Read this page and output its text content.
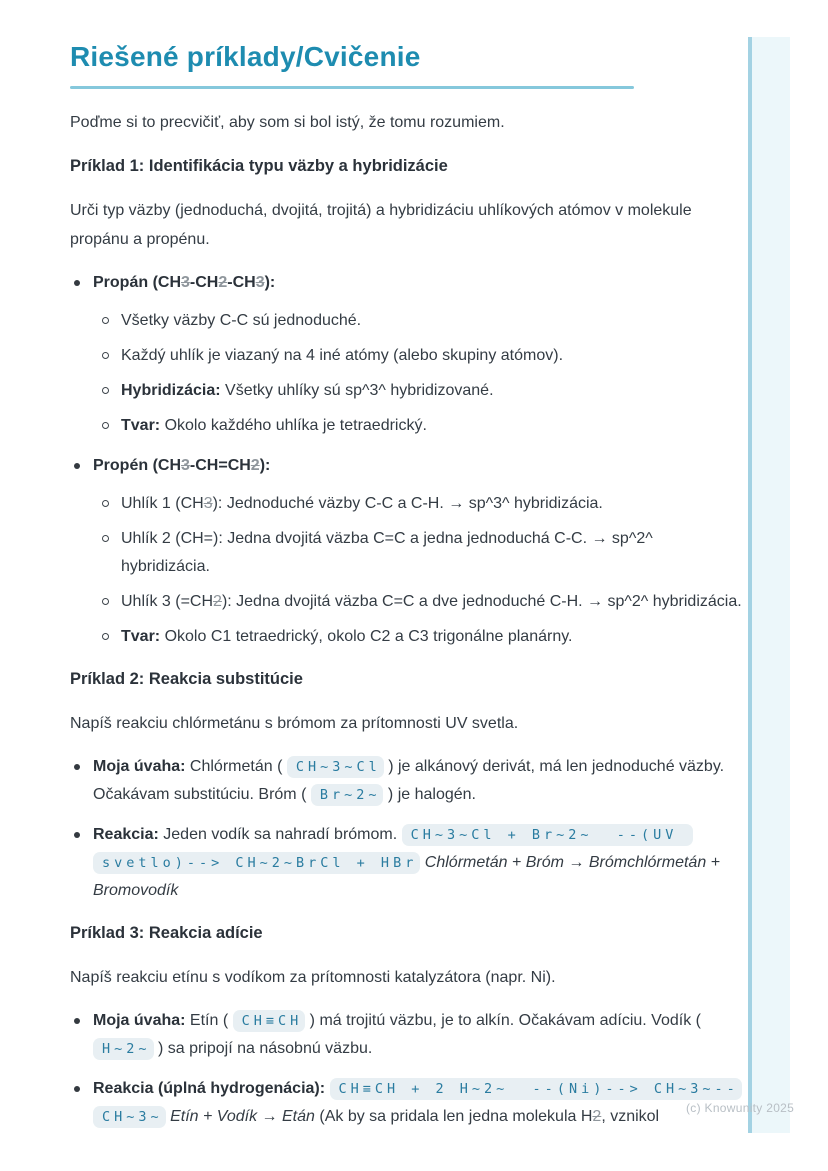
(c) Knowunity 2025
Riešené príklady/Cvičenie

Poďme si to precvičiť, aby som si bol istý, že tomu rozumiem.

Príklad 1: Identifikácia typu väzby a hybridizácie

Urči typ väzby (jednoduchá, dvojitá, trojitá) a hybridizáciu uhlíkových atómov v molekule propánu a propénu.

Propán (CH3-CH2-CH3):
Všetky väzby C-C sú jednoduché.
Každý uhlík je viazaný na 4 iné atómy (alebo skupiny atómov).
Hybridizácia: Všetky uhlíky sú sp^3^ hybridizované.
Tvar: Okolo každého uhlíka je tetraedrický.
Propén (CH3-CH=CH2):
Uhlík 1 (CH3): Jednoduché väzby C-C a C-H. → sp^3^ hybridizácia.
Uhlík 2 (CH=): Jedna dvojitá väzba C=C a jedna jednoduchá C-C. → sp^2^ hybridizácia.
Uhlík 3 (=CH2): Jedna dvojitá väzba C=C a dve jednoduché C-H. → sp^2^ hybridizácia.
Tvar: Okolo C1 tetraedrický, okolo C2 a C3 trigonálne planárny.
Príklad 2: Reakcia substitúcie

Napíš reakciu chlórmetánu s brómom za prítomnosti UV svetla.

Moja úvaha: Chlórmetán ( CH~3~Cl ) je alkánový derivát, má len jednoduché väzby. Očakávam substitúciu. Bróm ( Br~2~ ) je halogén.
Reakcia: Jeden vodík sa nahradí brómom. CH~3~Cl + Br~2~  --(UV svetlo)--> CH~2~BrCl + HBr Chlórmetán + Bróm → Brómchlórmetán + Bromovodík
Príklad 3: Reakcia adície

Napíš reakciu etínu s vodíkom za prítomnosti katalyzátora (napr. Ni).

Moja úvaha: Etín ( CH≡CH ) má trojitú väzbu, je to alkín. Očakávam adíciu. Vodík ( H~2~ ) sa pripojí na násobnú väzbu.
Reakcia (úplná hydrogenácia): CH≡CH + 2 H~2~  --(Ni)--> CH~3~--CH~3~ Etín + Vodík → Etán (Ak by sa pridala len jedna molekula H2, vznikol
